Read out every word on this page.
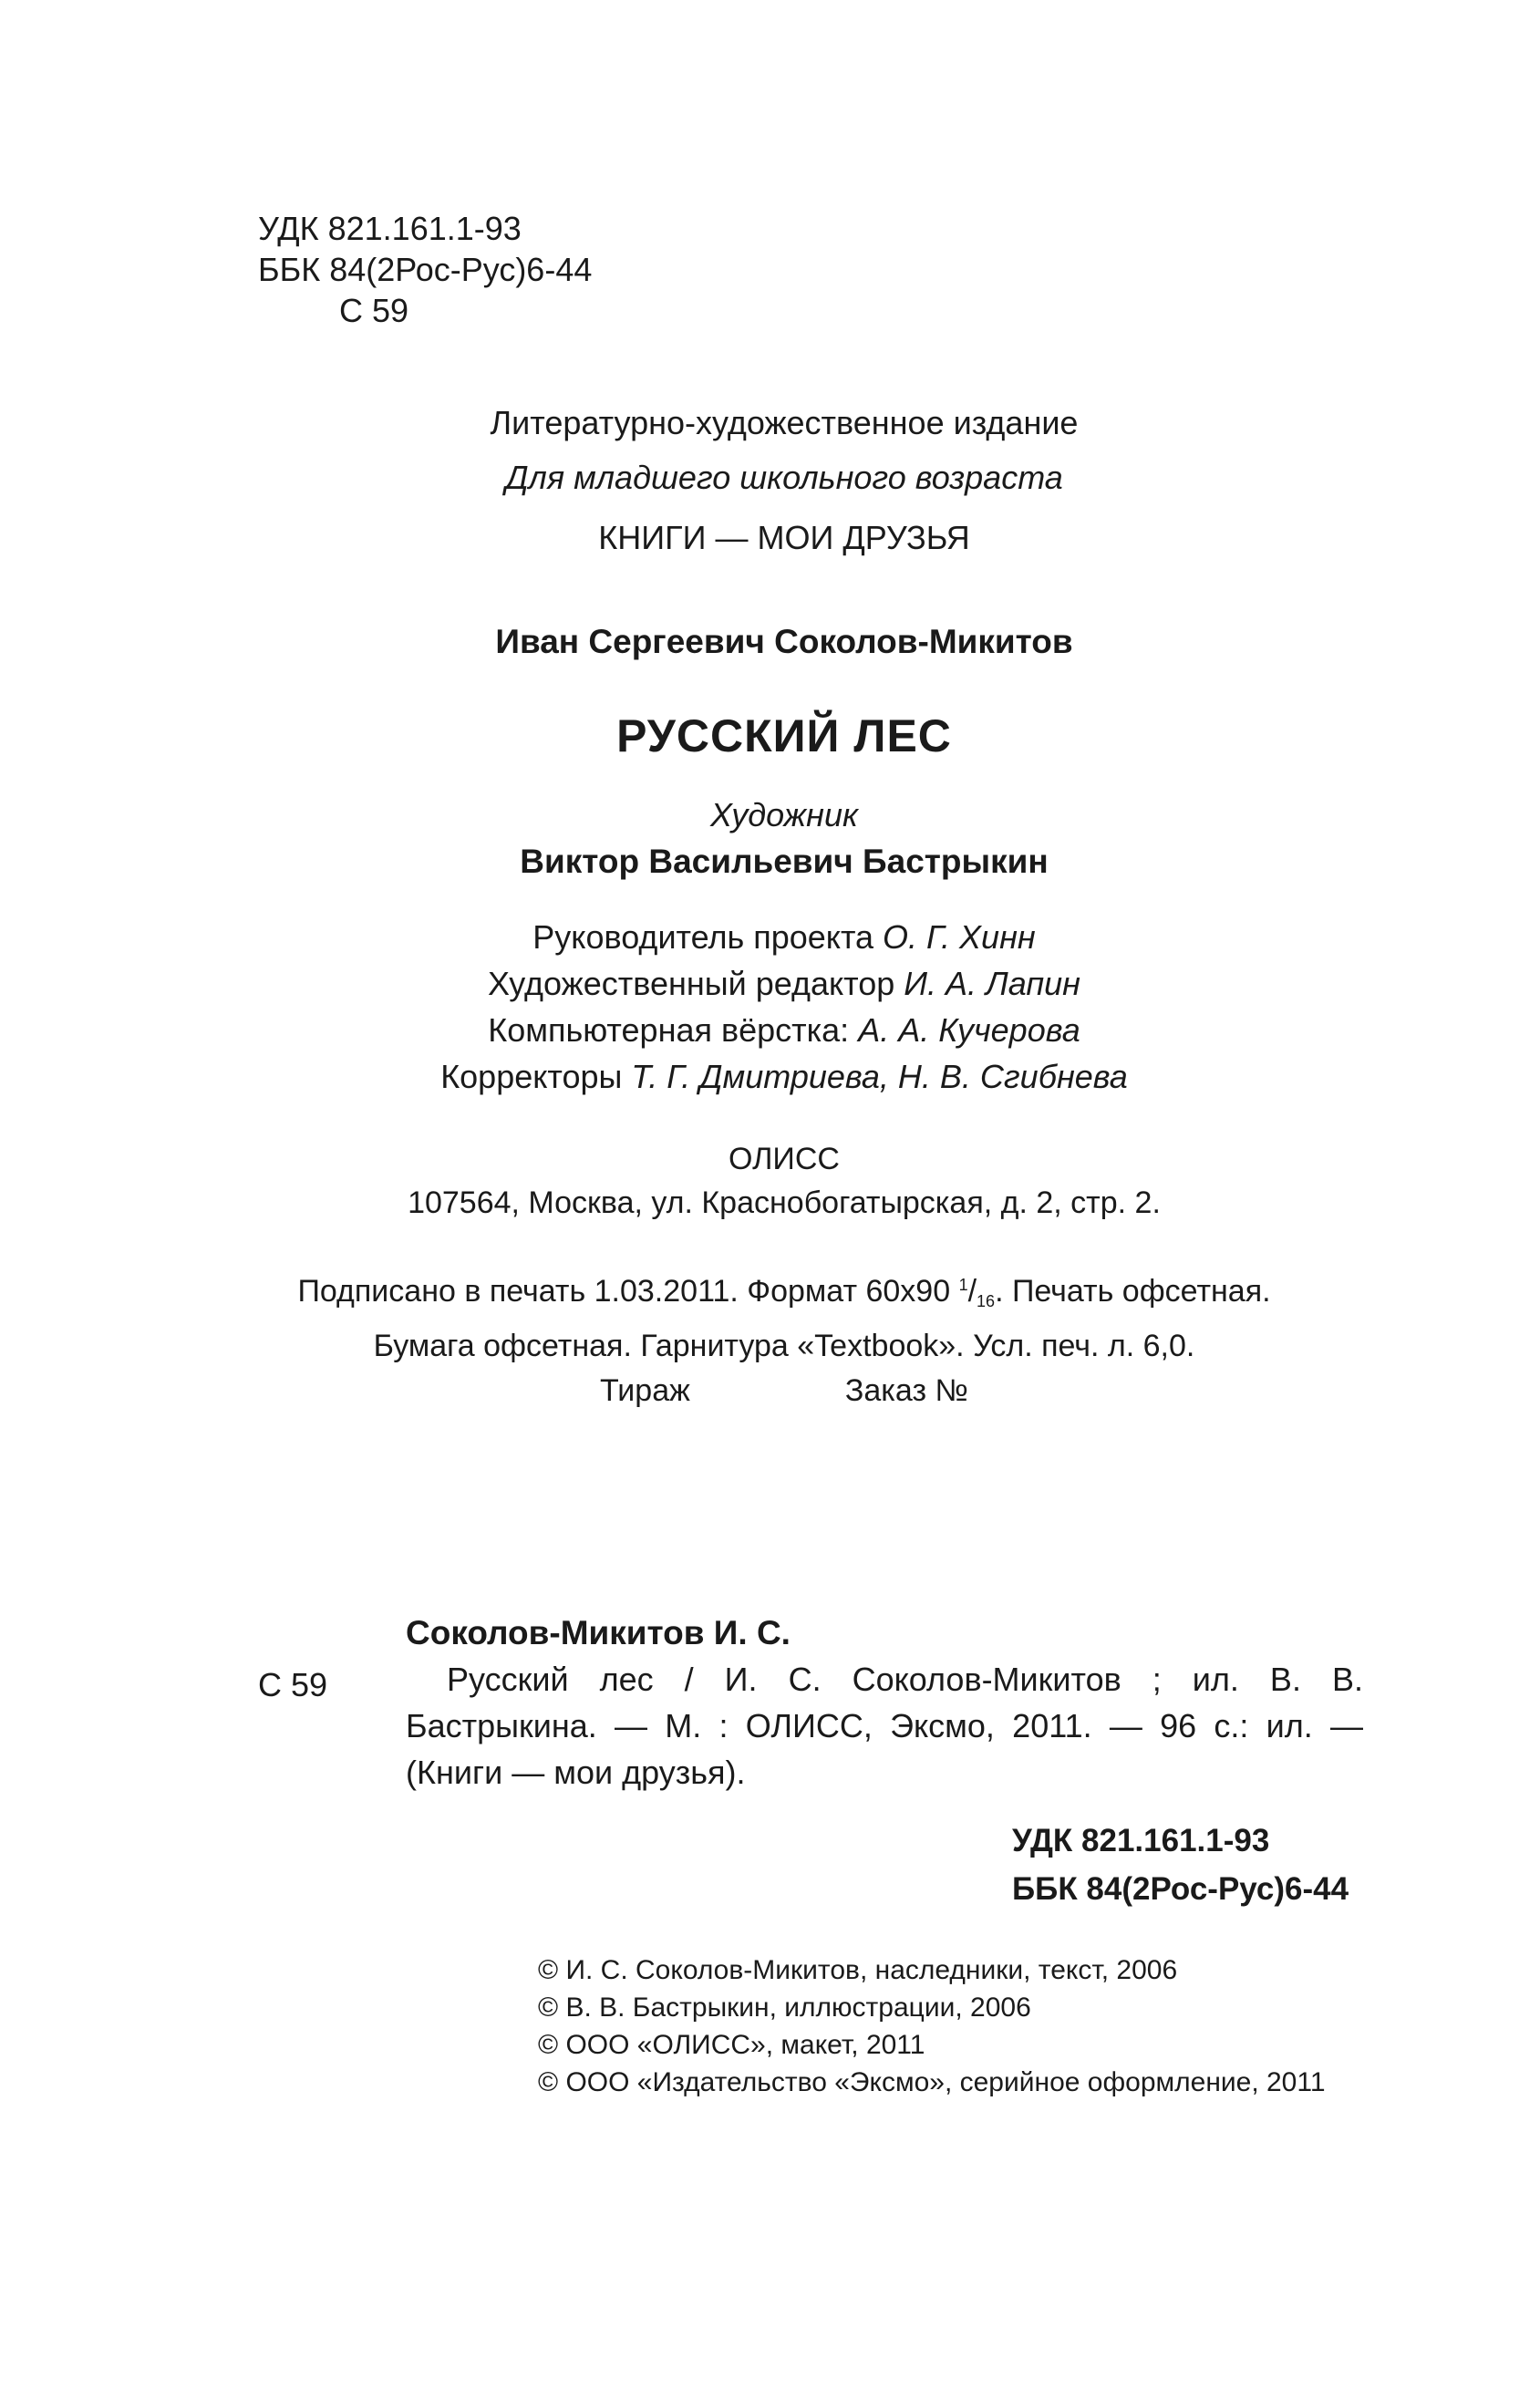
УДК 821.161.1-93
ББК 84(2Рос-Рус)6-44
С 59
Литературно-художественное издание
Для младшего школьного возраста
КНИГИ — МОИ ДРУЗЬЯ
Иван Сергеевич Соколов-Микитов
РУССКИЙ ЛЕС
Художник
Виктор Васильевич Бастрыкин
Руководитель проекта О. Г. Хинн
Художественный редактор И. А. Лапин
Компьютерная вёрстка: А. А. Кучерова
Корректоры Т. Г. Дмитриева, Н. В. Сгибнева
ОЛИСС
107564, Москва, ул. Краснобогатырская, д. 2, стр. 2.
Подписано в печать 1.03.2011. Формат 60x90 $^1/_{16}$. Печать офсетная.
Бумага офсетная. Гарнитура «Textbook». Усл. печ. л. 6,0.
Тираж	Заказ №
С 59
Соколов-Микитов И. С.
Русский лес / И. С. Соколов-Микитов ; ил. В. В. Бастрыкина. — М. : ОЛИСС, Эксмо, 2011. — 96 с.: ил. — (Книги — мои друзья).
УДК 821.161.1-93
ББК 84(2Рос-Рус)6-44
© И. С. Соколов-Микитов, наследники, текст, 2006
© В. В. Бастрыкин, иллюстрации, 2006
© ООО «ОЛИСС», макет, 2011
© ООО «Издательство «Эксмо», серийное оформление, 2011
